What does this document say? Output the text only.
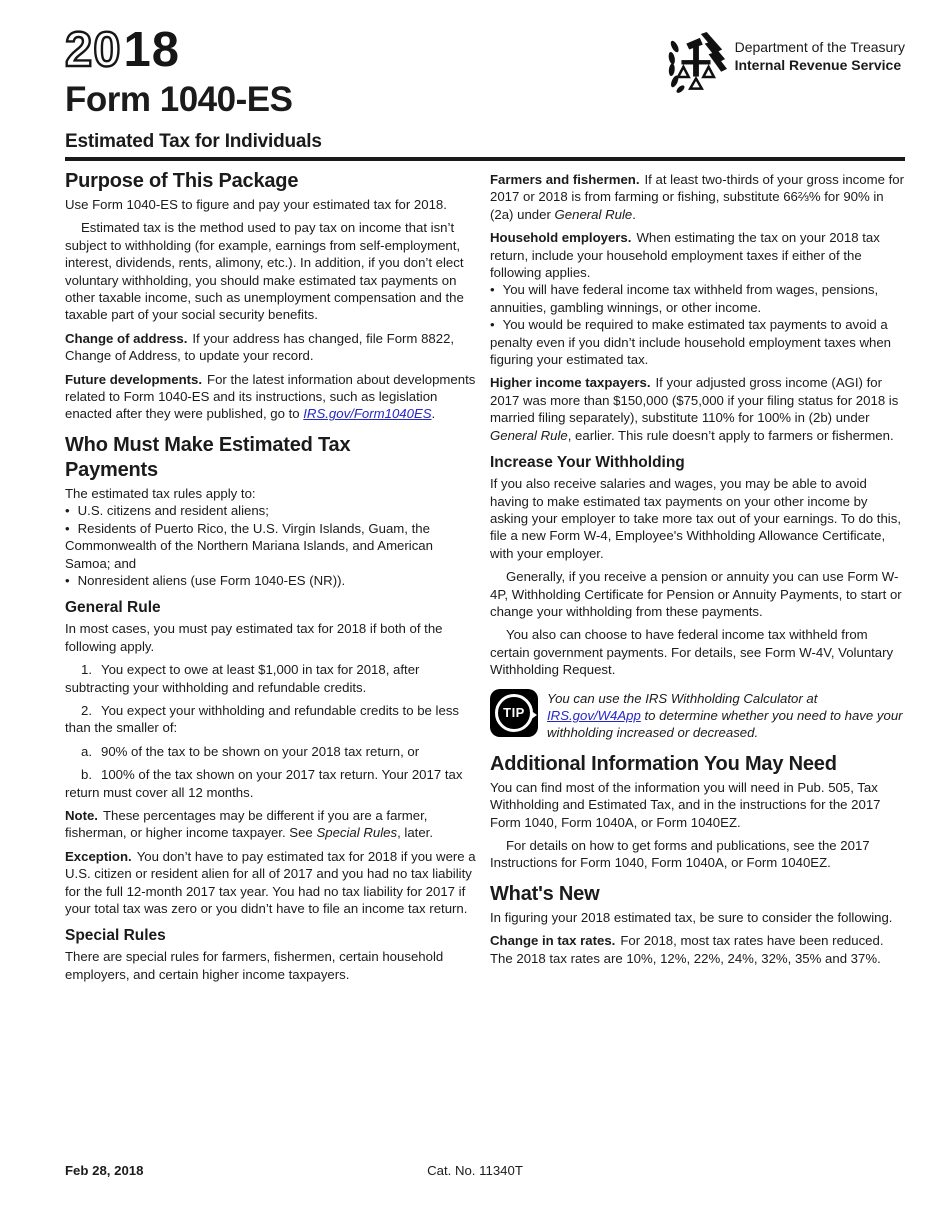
2018
Form 1040-ES
Department of the Treasury
Internal Revenue Service
Estimated Tax for Individuals
Purpose of This Package

Use Form 1040-ES to figure and pay your estimated tax for 2018.

Estimated tax is the method used to pay tax on income that isn’t subject to withholding (for example, earnings from self-employment, interest, dividends, rents, alimony, etc.). In addition, if you don’t elect voluntary withholding, you should make estimated tax payments on other taxable income, such as unemployment compensation and the taxable part of your social security benefits.

Change of address. If your address has changed, file Form 8822, Change of Address, to update your record.

Future developments. For the latest information about developments related to Form 1040-ES and its instructions, such as legislation enacted after they were published, go to IRS.gov/Form1040ES.

Who Must Make Estimated Tax Payments

The estimated tax rules apply to:

• U.S. citizens and resident aliens;

• Residents of Puerto Rico, the U.S. Virgin Islands, Guam, the Commonwealth of the Northern Mariana Islands, and American Samoa; and

• Nonresident aliens (use Form 1040-ES (NR)).

General Rule

In most cases, you must pay estimated tax for 2018 if both of the following apply.

1. You expect to owe at least $1,000 in tax for 2018, after subtracting your withholding and refundable credits.

2. You expect your withholding and refundable credits to be less than the smaller of:

a. 90% of the tax to be shown on your 2018 tax return, or

b. 100% of the tax shown on your 2017 tax return. Your 2017 tax return must cover all 12 months.

Note. These percentages may be different if you are a farmer, fisherman, or higher income taxpayer. See Special Rules, later.

Exception. You don’t have to pay estimated tax for 2018 if you were a U.S. citizen or resident alien for all of 2017 and you had no tax liability for the full 12-month 2017 tax year. You had no tax liability for 2017 if your total tax was zero or you didn’t have to file an income tax return.

Special Rules

There are special rules for farmers, fishermen, certain household employers, and certain higher income taxpayers.

Farmers and fishermen. If at least two-thirds of your gross income for 2017 or 2018 is from farming or fishing, substitute 66⅔% for 90% in (2a) under General Rule.

Household employers. When estimating the tax on your 2018 tax return, include your household employment taxes if either of the following applies.

• You will have federal income tax withheld from wages, pensions, annuities, gambling winnings, or other income.

• You would be required to make estimated tax payments to avoid a penalty even if you didn’t include household employment taxes when figuring your estimated tax.

Higher income taxpayers. If your adjusted gross income (AGI) for 2017 was more than $150,000 ($75,000 if your filing status for 2018 is married filing separately), substitute 110% for 100% in (2b) under General Rule, earlier. This rule doesn’t apply to farmers or fishermen.

Increase Your Withholding

If you also receive salaries and wages, you may be able to avoid having to make estimated tax payments on your other income by asking your employer to take more tax out of your earnings. To do this, file a new Form W-4, Employee's Withholding Allowance Certificate, with your employer.

Generally, if you receive a pension or annuity you can use Form W-4P, Withholding Certificate for Pension or Annuity Payments, to start or change your withholding from these payments.

You also can choose to have federal income tax withheld from certain government payments. For details, see Form W-4V, Voluntary Withholding Request.

TIP
You can use the IRS Withholding Calculator at IRS.gov/W4App to determine whether you need to have your withholding increased or decreased.
Additional Information You May Need

You can find most of the information you will need in Pub. 505, Tax Withholding and Estimated Tax, and in the instructions for the 2017 Form 1040, Form 1040A, or Form 1040EZ.

For details on how to get forms and publications, see the 2017 Instructions for Form 1040, Form 1040A, or Form 1040EZ.

What's New

In figuring your 2018 estimated tax, be sure to consider the following.

Change in tax rates. For 2018, most tax rates have been reduced. The 2018 tax rates are 10%, 12%, 22%, 24%, 32%, 35% and 37%.

Feb 28, 2018	Cat. No. 11340T
